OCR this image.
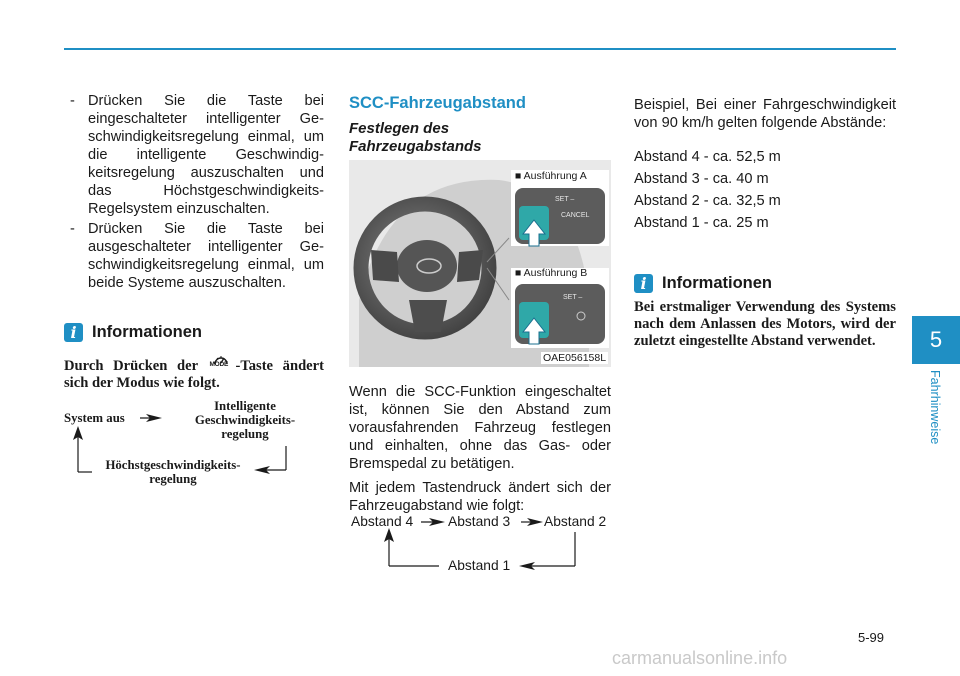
- Drücken Sie die Taste bei eingeschalteter intelligenter Geschwindigkeitsregelung einmal, um die intelligente Geschwindigkeitsregelung auszuschalten und das Höchstgeschwindigkeits-Regelsystem einzuschalten.
- Drücken Sie die Taste bei ausgeschalteter intelligenter Geschwindigkeitsregelung einmal, um beide Systeme auszuschalten.
i Informationen
Durch Drücken der MODE -Taste ändert sich der Modus wie folgt.
System aus
Intelligente Geschwindigkeits-regelung
Höchstgeschwindigkeits-regelung
SCC-Fahrzeugabstand
Festlegen des Fahrzeugabstands
■ Ausführung A
■ Ausführung B
SET –
CANCEL
SET –
OAE056158L

Wenn die SCC-Funktion eingeschaltet ist, können Sie den Abstand zum vorausfahrenden Fahrzeug festlegen und einhalten, ohne das Gas- oder Bremspedal zu betätigen.

Mit jedem Tastendruck ändert sich der Fahrzeugabstand wie folgt:

Abstand 4	Abstand 3 Abstand 2
Abstand 1

Beispiel, Bei einer Fahrgeschwindigkeit von 90 km/h gelten folgende Abstände:

Abstand 4 - ca. 52,5 m
Abstand 3 - ca. 40 m
Abstand 2 - ca. 32,5 m
Abstand 1 - ca. 25 m
i Informationen
Bei erstmaliger Verwendung des Systems nach dem Anlassen des Motors, wird der zuletzt eingestellte Abstand verwendet.	5
Fahrhinweise
5-99
carmanualsonline.info
